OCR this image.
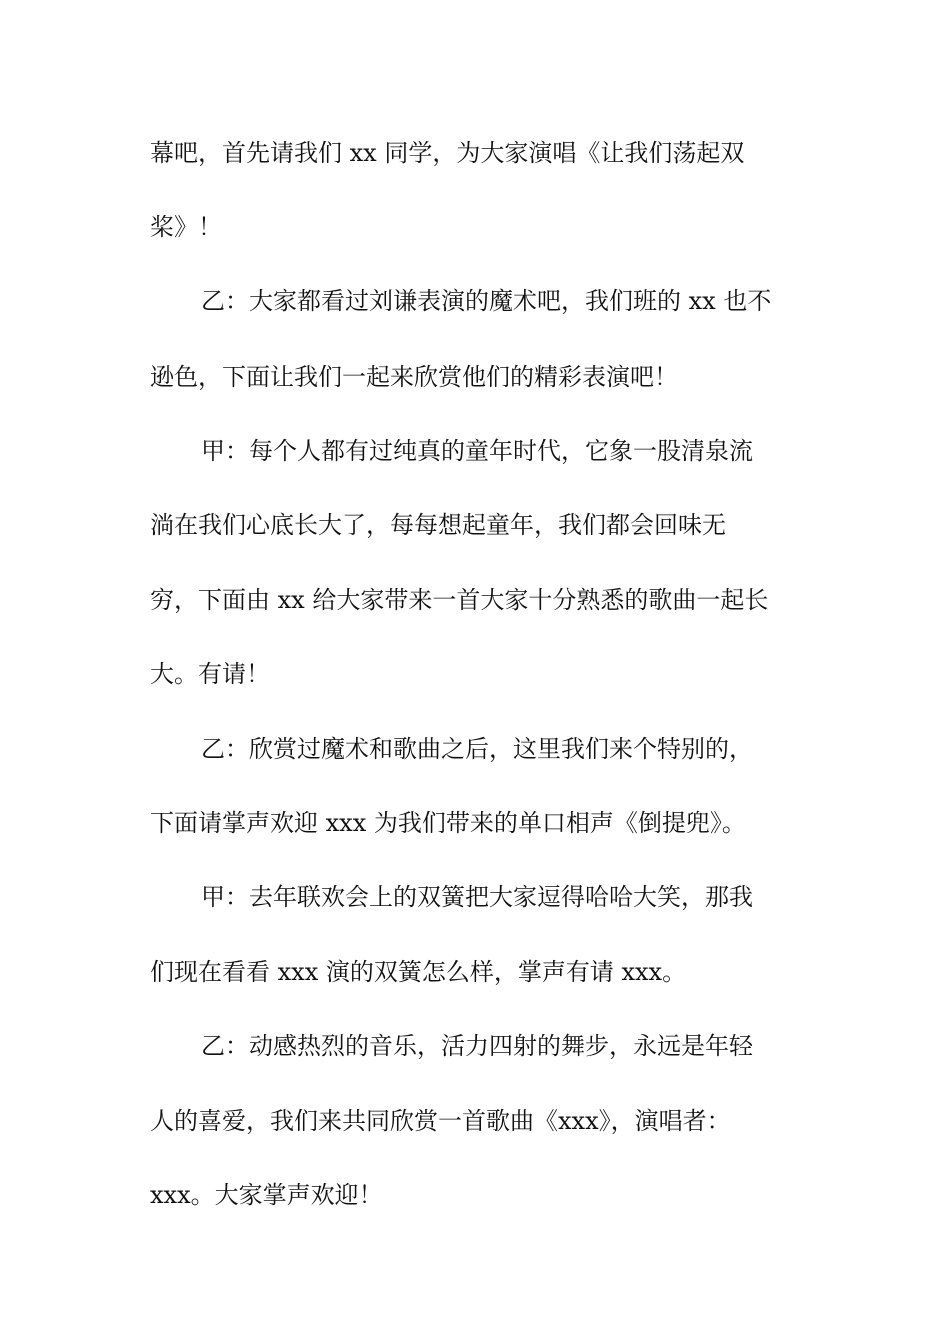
幕吧，首先请我们 xx 同学，为大家演唱《让我们荡起双
桨》！
乙：大家都看过刘谦表演的魔术吧，我们班的 xx 也不
逊色，下面让我们一起来欣赏他们的精彩表演吧！
甲：每个人都有过纯真的童年时代，它象一股清泉流
淌在我们心底长大了，每每想起童年，我们都会回味无
穷，下面由 xx 给大家带来一首大家十分熟悉的歌曲一起长
大。有请！
乙：欣赏过魔术和歌曲之后，这里我们来个特别的，
下面请掌声欢迎 xxx 为我们带来的单口相声《倒提兜》。
甲：去年联欢会上的双簧把大家逗得哈哈大笑，那我
们现在看看 xxx 演的双簧怎么样，掌声有请 xxx。
乙：动感热烈的音乐，活力四射的舞步，永远是年轻
人的喜爱，我们来共同欣赏一首歌曲《xxx》，演唱者：
xxx。大家掌声欢迎！
